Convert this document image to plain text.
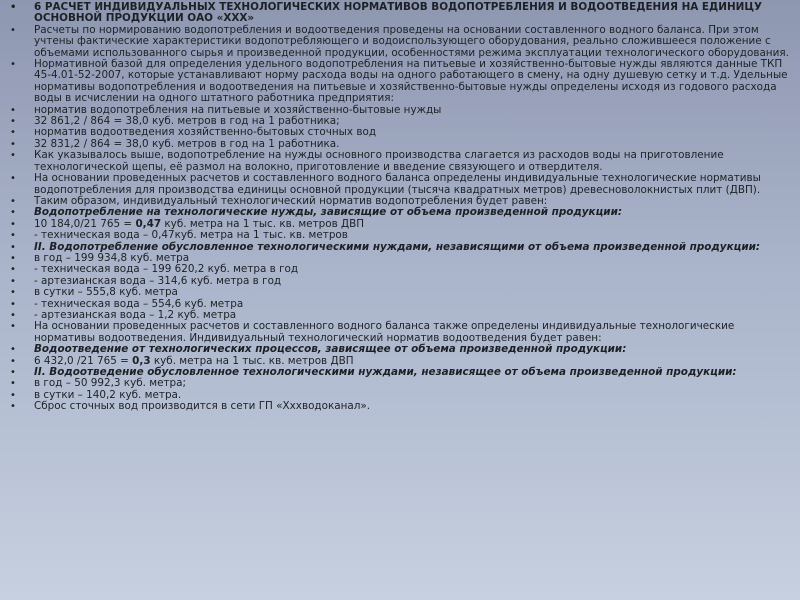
• 6 РАСЧЕТ ИНДИВИДУАЛЬНЫХ ТЕХНОЛОГИЧЕСКИХ НОРМАТИВОВ ВОДОПОТРЕБЛЕНИЯ И ВОДООТВЕДЕНИЯ НА ЕДИНИЦУ ОСНОВНОЙ ПРОДУКЦИИ ОАО «ХХХ»
• Расчеты по нормированию водопотребления и водоотведения проведены на основании составленного водного баланса. При этом учтены фактические характеристики водопотребляющего и водоиспользующего оборудования, реально сложившееся положение с объемами использованного сырья и произведенной продукции, особенностями режима эксплуатации технологического оборудования.
• Нормативной базой для определения удельного водопотребления на питьевые и хозяйственно-бытовые нужды являются данные ТКП 45-4.01-52-2007, которые устанавливают норму расхода воды на одного работающего в смену, на одну душевую сетку и т.д. Удельные нормативы водопотребления и водоотведения на питьевые и хозяйственно-бытовые нужды определены исходя из годового расхода воды в исчислении на одного штатного работника предприятия:
• норматив водопотребления на питьевые и хозяйственно-бытовые нужды
• 32 861,2 / 864 = 38,0 куб. метров в год на 1 работника;
• норматив водоотведения хозяйственно-бытовых сточных вод
• 32 831,2 / 864 = 38,0 куб. метров в год на 1 работника.
• Как указывалось выше, водопотребление на нужды основного производства слагается из расходов воды на приготовление технологической щепы, её размол на волокно, приготовление и введение связующего и отвердителя.
• На основании проведенных расчетов и составленного водного баланса определены индивидуальные технологические нормативы водопотребления для производства единицы основной продукции (тысяча квадратных метров) древесноволокнистых плит (ДВП).
• Таким образом, индивидуальный технологический норматив водопотребления будет равен:
• Водопотребление на технологические нужды, зависящие от объема произведенной продукции:
• 10 184,0/21 765 = 0,47 куб. метра на 1 тыс. кв. метров ДВП
• - техническая вода – 0,47куб. метра на 1 тыс. кв. метров
• II. Водопотребление обусловленное технологическими нуждами, независящими от объема произведенной продукции:
• в год – 199 934,8 куб. метра
• - техническая вода – 199 620,2 куб. метра в год
• - артезианская вода – 314,6 куб. метра в год
• в сутки – 555,8 куб. метра
• - техническая вода – 554,6 куб. метра
• - артезианская вода – 1,2 куб. метра
• На основании проведенных расчетов и составленного водного баланса также определены индивидуальные технологические нормативы водоотведения. Индивидуальный технологический норматив водоотведения будет равен:
• Водоотведение от технологических процессов, зависящее от объема произведенной продукции:
• 6 432,0 /21 765 = 0,3 куб. метра на 1 тыс. кв. метров ДВП
• II. Водоотведение обусловленное технологическими нуждами, независящее от объема произведенной продукции:
• в год – 50 992,3 куб. метра;
• в сутки – 140,2 куб. метра.
• Сброс сточных вод производится в сети ГП «Ххxводоканал».
